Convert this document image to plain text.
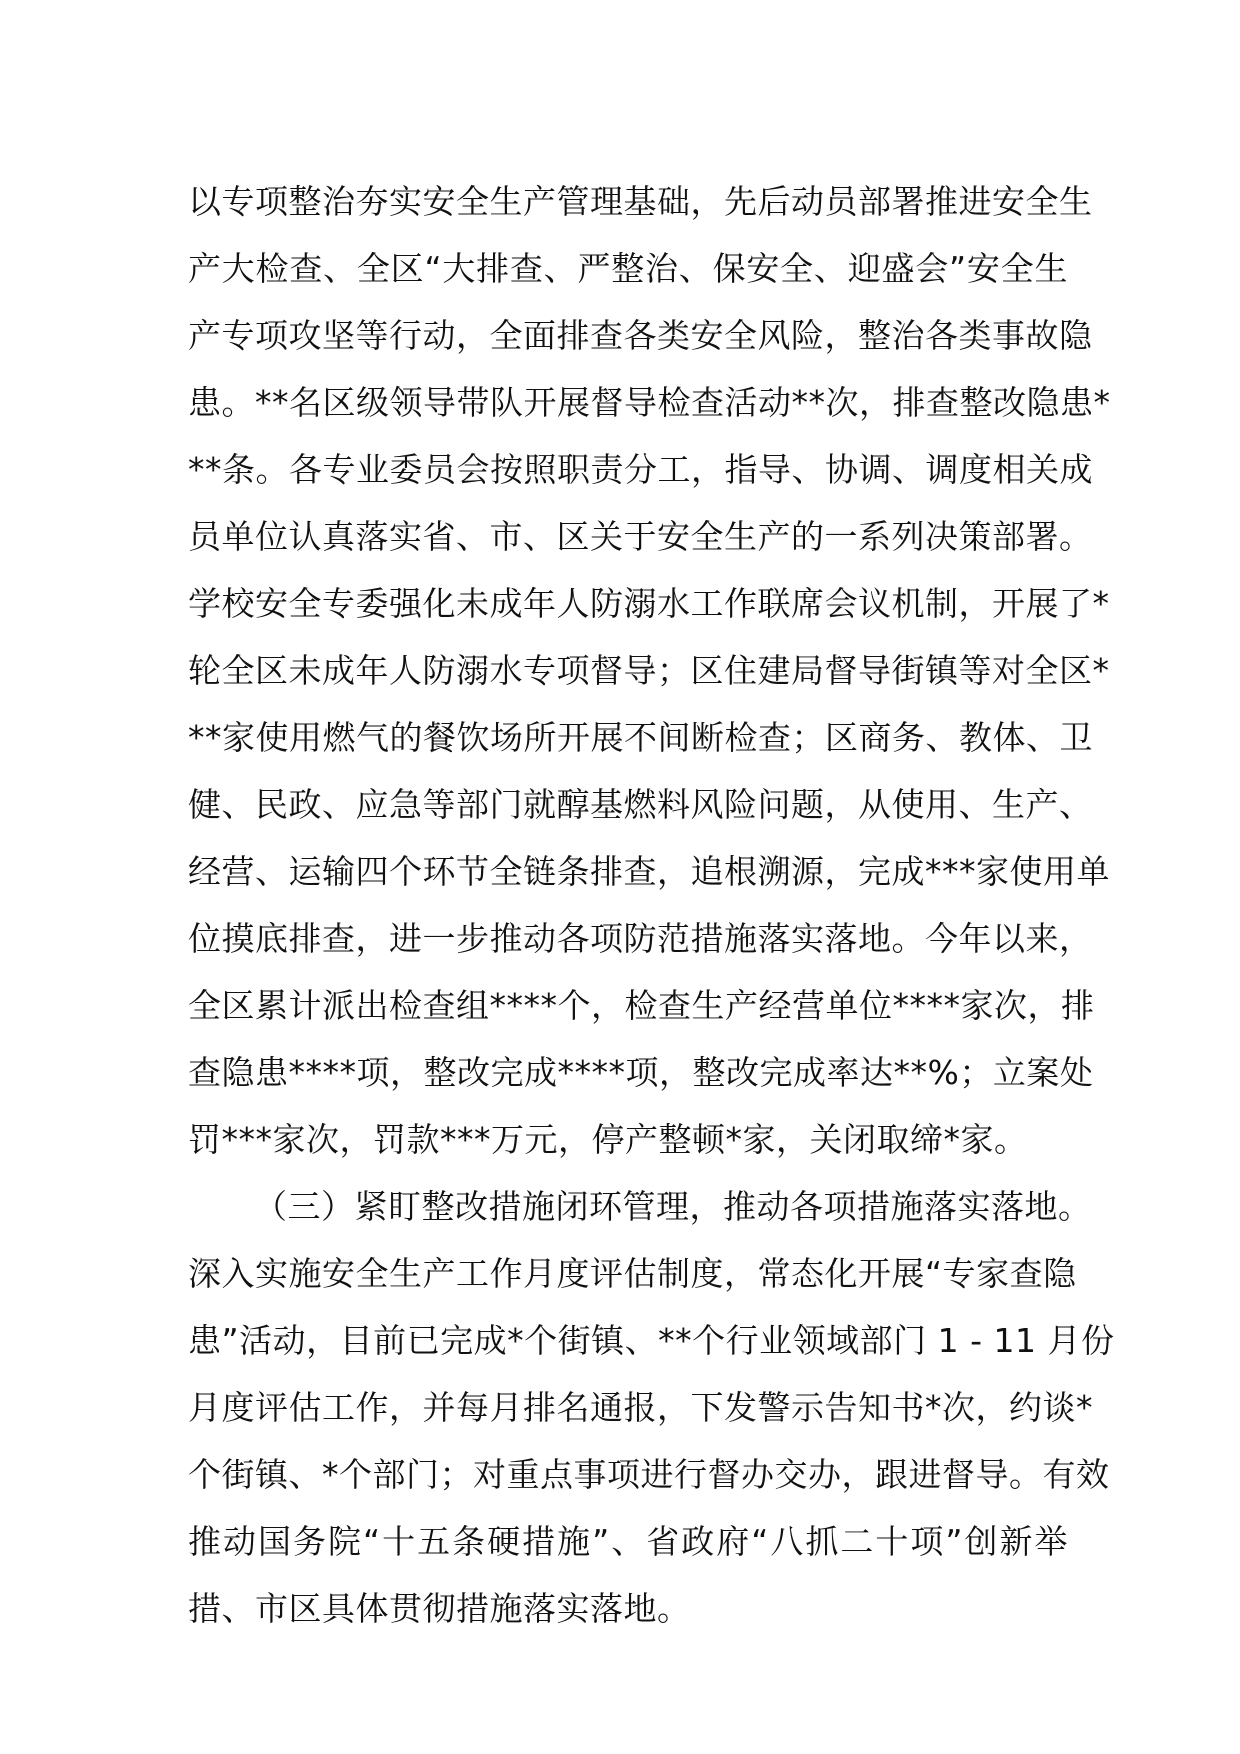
以专项整治夯实安全生产管理基础，先后动员部署推进安全生
产大检查、全区“大排查、严整治、保安全、迎盛会”安全生
产专项攻坚等行动，全面排查各类安全风险，整治各类事故隐
患。**名区级领导带队开展督导检查活动**次，排查整改隐患*
**条。各专业委员会按照职责分工，指导、协调、调度相关成
员单位认真落实省、市、区关于安全生产的一系列决策部署。
学校安全专委强化未成年人防溺水工作联席会议机制，开展了*
轮全区未成年人防溺水专项督导；区住建局督导街镇等对全区*
**家使用燃气的餐饮场所开展不间断检查；区商务、教体、卫
健、民政、应急等部门就醇基燃料风险问题，从使用、生产、
经营、运输四个环节全链条排查，追根溯源，完成***家使用单
位摸底排查，进一步推动各项防范措施落实落地。今年以来，
全区累计派出检查组****个，检查生产经营单位****家次，排
查隐患****项，整改完成****项，整改完成率达**%；立案处
罚***家次，罚款***万元，停产整顿*家，关闭取缔*家。
（三）紧盯整改措施闭环管理，推动各项措施落实落地。
深入实施安全生产工作月度评估制度，常态化开展“专家查隐
患”活动，目前已完成*个街镇、**个行业领域部门 1 - 11 月份
月度评估工作，并每月排名通报，下发警示告知书*次，约谈*
个街镇、*个部门；对重点事项进行督办交办，跟进督导。有效
推动国务院“十五条硬措施”、省政府“八抓二十项”创新举
措、市区具体贯彻措施落实落地。
